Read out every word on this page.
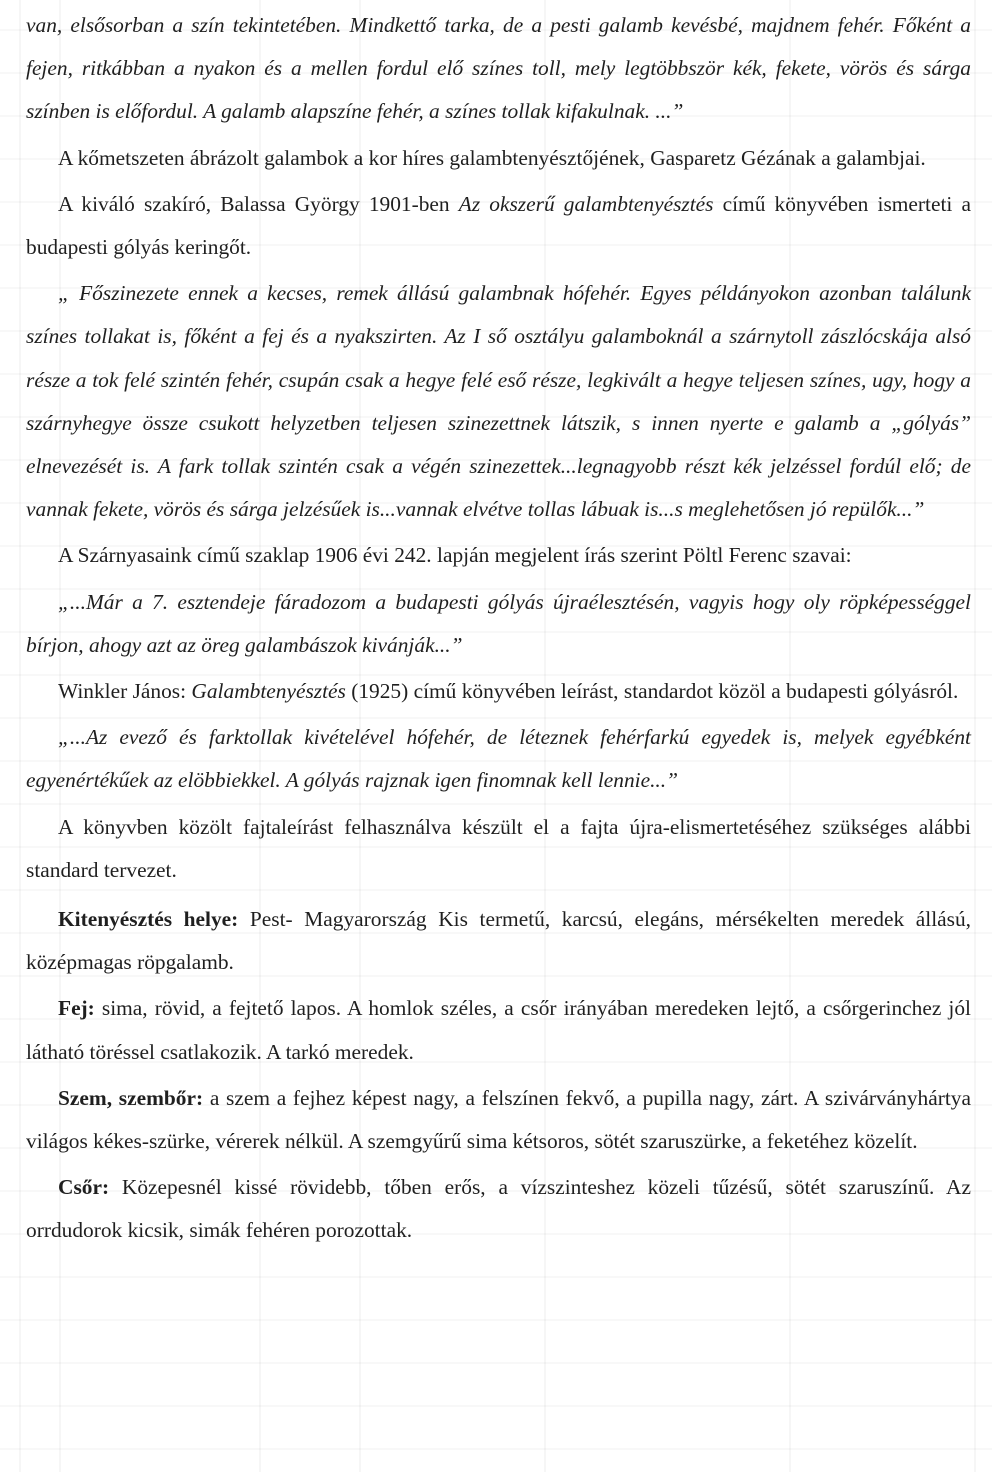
van, elsősorban a szín tekintetében. Mindkettő tarka, de a pesti galamb kevésbé, majdnem fehér. Főként a fejen, ritkábban a nyakon és a mellen fordul elő színes toll, mely legtöbbször kék, fekete, vörös és sárga színben is előfordul. A galamb alapszíne fehér, a színes tollak kifakulnak. ...”

A kőmetszeten ábrázolt galambok a kor híres galambtenyésztőjének, Gasparetz Gézának a galambjai.

A kiváló szakíró, Balassa György 1901-ben Az okszerű galambtenyésztés című könyvében ismerteti a budapesti gólyás keringőt.

„ Főszinezete ennek a kecses, remek állású galambnak hófehér. Egyes példányokon azonban találunk színes tollakat is, főként a fej és a nyakszirten. Az I ső osztályu galamboknál a szárnytoll zászlócskája alsó része a tok felé szintén fehér, csupán csak a hegye felé eső része, legkivált a hegye teljesen színes, ugy, hogy a szárnyhegye össze csukott helyzetben teljesen szinezettnek látszik, s innen nyerte e galamb a „gólyás” elnevezését is. A fark tollak szintén csak a végén szinezettek...legnagyobb részt kék jelzéssel fordúl elő; de vannak fekete, vörös és sárga jelzésűek is...vannak elvétve tollas lábuak is...s meglehetősen jó repülők...”

A Szárnyasaink című szaklap 1906 évi 242. lapján megjelent írás szerint Pöltl Ferenc szavai:

„...Már a 7. esztendeje fáradozom a budapesti gólyás újraélesztésén, vagyis hogy oly röpképességgel bírjon, ahogy azt az öreg galambászok kivánják...”

Winkler János: Galambtenyésztés (1925) című könyvében leírást, standardot közöl a budapesti gólyásról.

„...Az evező és farktollak kivételével hófehér, de léteznek fehérfarkú egyedek is, melyek egyébként egyenértékűek az elöbbiekkel. A gólyás rajznak igen finomnak kell lennie...”

A könyvben közölt fajtaleírást felhasználva készült el a fajta újra-elismertetéséhez szükséges alábbi standard tervezet.

Kitenyésztés helye: Pest- Magyarország Kis termetű, karcsú, elegáns, mérsékelten meredek állású, középmagas röpgalamb.

Fej: sima, rövid, a fejtető lapos. A homlok széles, a csőr irányában meredeken lejtő, a csőrgerinchez jól látható töréssel csatlakozik. A tarkó meredek.

Szem, szembőr: a szem a fejhez képest nagy, a felszínen fekvő, a pupilla nagy, zárt. A szivárványhártya világos kékes-szürke, vérerek nélkül. A szemgyűrű sima kétsoros, sötét szaruszürke, a feketéhez közelít.

Csőr: Közepesnél kissé rövidebb, tőben erős, a vízszinteshez közeli tűzésű, sötét szaruszínű. Az orrdudorok kicsik, simák fehéren porozottak.
